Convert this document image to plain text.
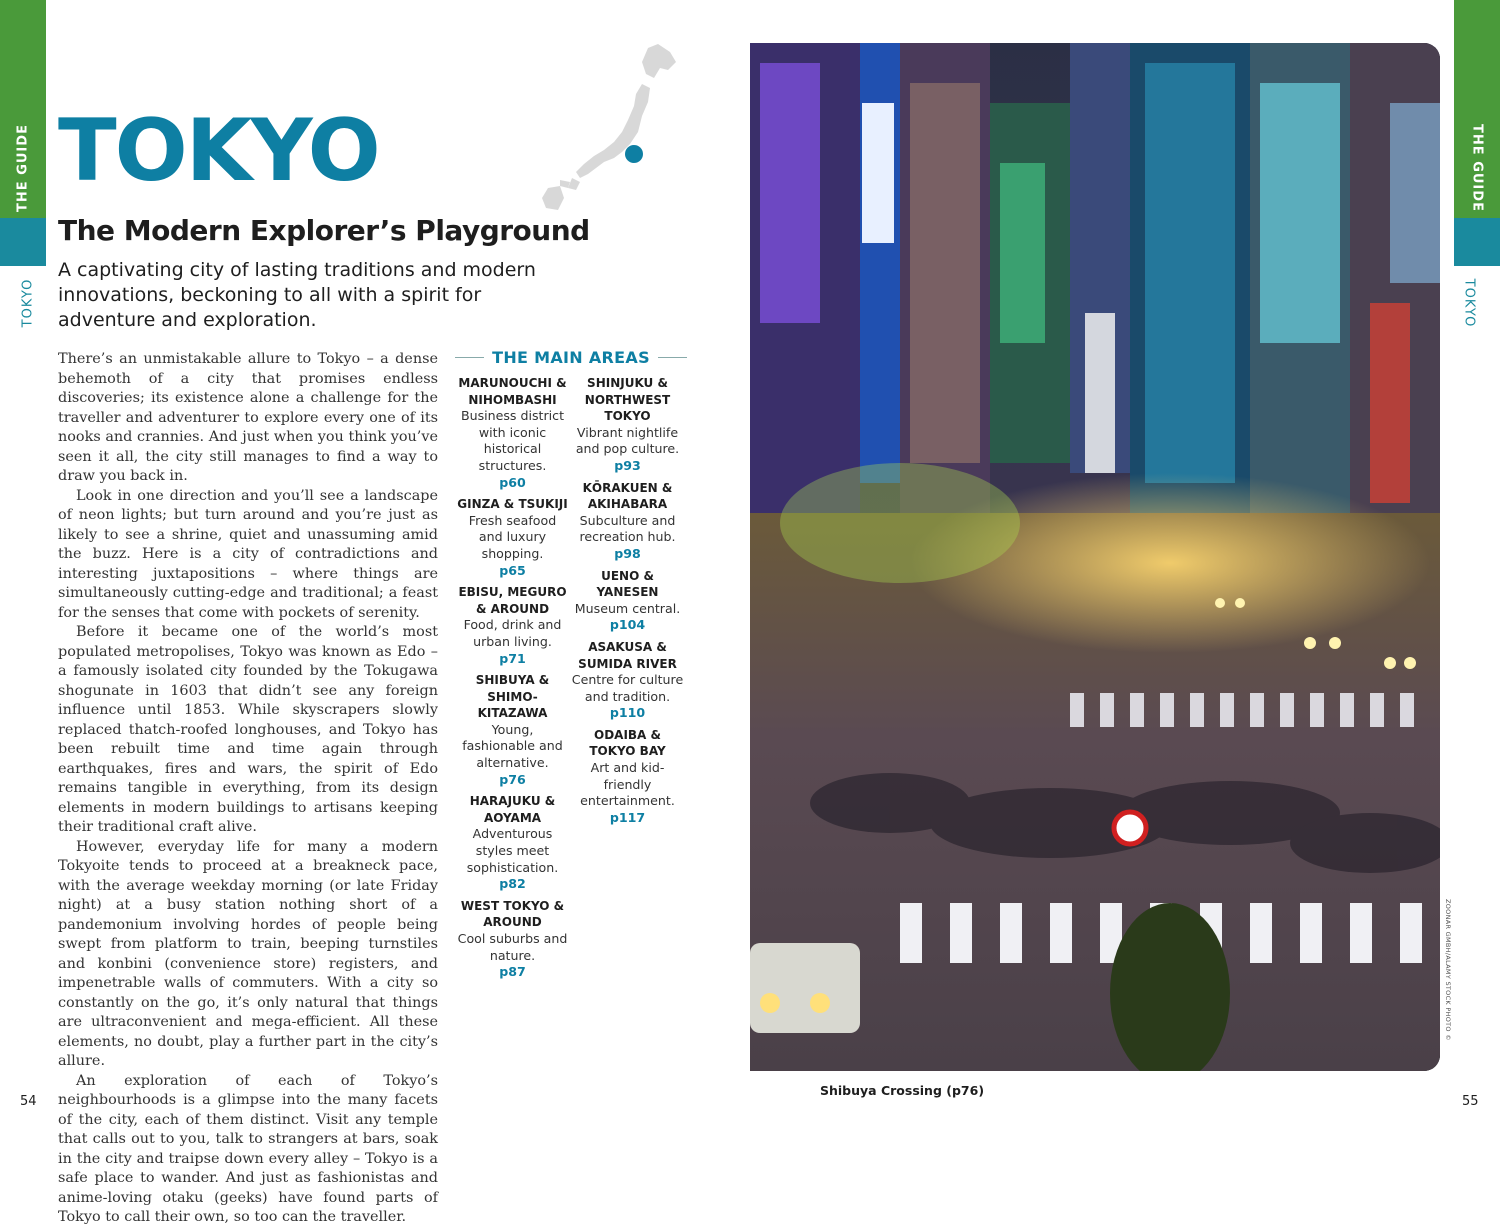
THE GUIDE
TOKYO
THE GUIDE
TOKYO
TOKYO
The Modern Explorer’s Playground
A captivating city of lasting traditions and modern innovations, beckoning to all with a spirit for adventure and exploration.

There’s an unmistakable allure to Tokyo – a dense behemoth of a city that promises endless discoveries; its existence alone a challenge for the traveller and adventurer to explore every one of its nooks and crannies. And just when you think you’ve seen it all, the city still manages to find a way to draw you back in.

Look in one direction and you’ll see a landscape of neon lights; but turn around and you’re just as likely to see a shrine, quiet and unassuming amid the buzz. Here is a city of contradictions and interesting juxtapositions – where things are simultaneously cutting-edge and traditional; a feast for the senses that come with pockets of serenity.

Before it became one of the world’s most populated metropolises, Tokyo was known as Edo – a famously isolated city founded by the Tokugawa shogunate in 1603 that didn’t see any foreign influence until 1853. While skyscrapers slowly replaced thatch-roofed longhouses, and Tokyo has been rebuilt time and time again through earthquakes, fires and wars, the spirit of Edo remains tangible in everything, from its design elements in modern buildings to artisans keeping their traditional craft alive.

However, everyday life for many a modern Tokyoite tends to proceed at a breakneck pace, with the average weekday morning (or late Friday night) at a busy station nothing short of a pandemonium involving hordes of people being swept from platform to train, beeping turnstiles and konbini (convenience store) registers, and impenetrable walls of commuters. With a city so constantly on the go, it’s only natural that things are ultraconvenient and mega-efficient. All these elements, no doubt, play a further part in the city’s allure.

An exploration of each of Tokyo’s neighbourhoods is a glimpse into the many facets of the city, each of them distinct. Visit any temple that calls out to you, talk to strangers at bars, soak in the city and traipse down every alley – Tokyo is a safe place to wander. And just as fashionistas and anime-loving otaku (geeks) have found parts of Tokyo to call their own, so too can the traveller.

THE MAIN AREAS
MARUNOUCHI & NIHOMBASHI
Business district with iconic historical structures.
p60
GINZA & TSUKIJI
Fresh seafood and luxury shopping.
p65
EBISU, MEGURO & AROUND
Food, drink and urban living.
p71
SHIBUYA & SHIMO-KITAZAWA
Young, fashionable and alternative.
p76
HARAJUKU & AOYAMA
Adventurous styles meet sophistication.
p82
WEST TOKYO & AROUND
Cool suburbs and nature.
p87
SHINJUKU & NORTHWEST TOKYO
Vibrant nightlife and pop culture.
p93
KŌRAKUEN & AKIHABARA
Subculture and recreation hub.
p98
UENO & YANESEN
Museum central.
p104
ASAKUSA & SUMIDA RIVER
Centre for culture and tradition.
p110
ODAIBA & TOKYO BAY
Art and kid-friendly entertainment.
p117
54	55
Shibuya Crossing (p76)
ZOONAR GMBH/ALAMY STOCK PHOTO ©
